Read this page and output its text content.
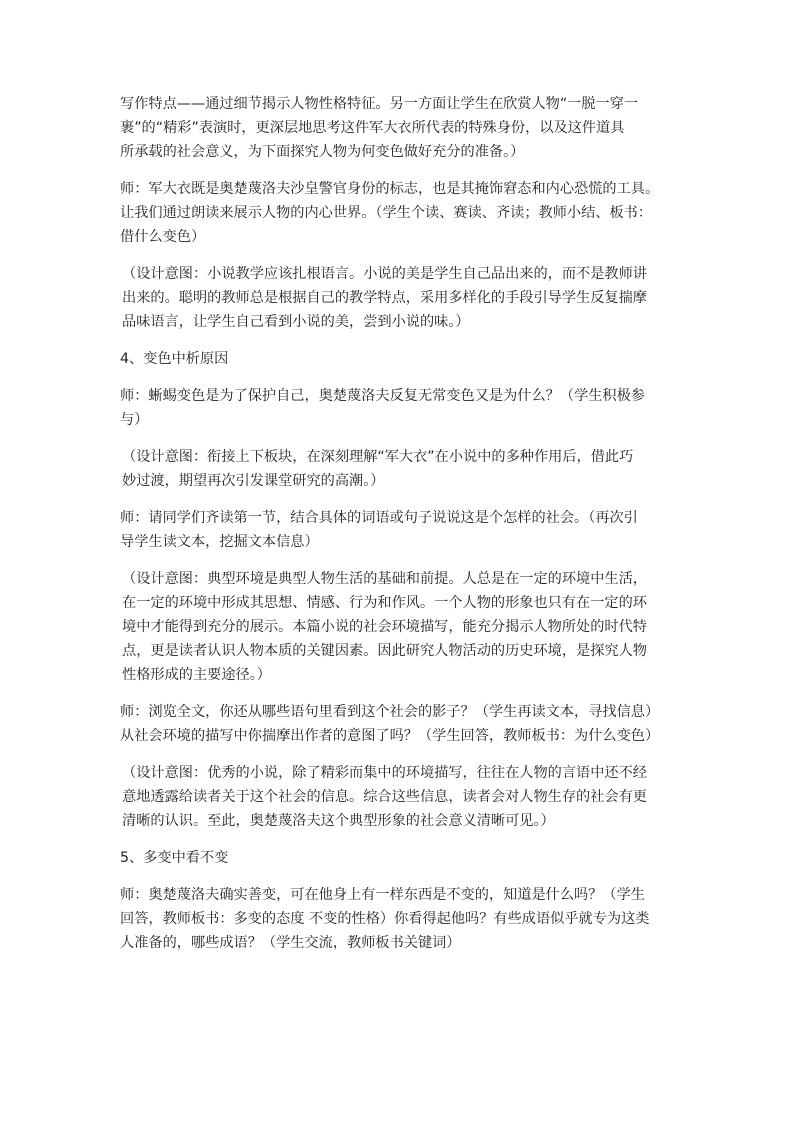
写作特点——通过细节揭示人物性格特征。另一方面让学生在欣赏人物“一脱一穿一
裹”的“精彩”表演时，更深层地思考这件军大衣所代表的特殊身份，以及这件道具
所承载的社会意义，为下面探究人物为何变色做好充分的准备。）

师：军大衣既是奥楚蔑洛夫沙皇警官身份的标志，也是其掩饰窘态和内心恐慌的工具。
让我们通过朗读来展示人物的内心世界。（学生个读、赛读、齐读；教师小结、板书：
借什么变色）

（设计意图：小说教学应该扎根语言。小说的美是学生自己品出来的，而不是教师讲
出来的。聪明的教师总是根据自己的教学特点，采用多样化的手段引导学生反复揣摩
品味语言，让学生自己看到小说的美，尝到小说的味。）

4、变色中析原因

师：蜥蜴变色是为了保护自己，奥楚蔑洛夫反复无常变色又是为什么？（学生积极参
与）

（设计意图：衔接上下板块，在深刻理解“军大衣”在小说中的多种作用后，借此巧
妙过渡，期望再次引发课堂研究的高潮。）

师：请同学们齐读第一节，结合具体的词语或句子说说这是个怎样的社会。（再次引
导学生读文本，挖掘文本信息）

（设计意图：典型环境是典型人物生活的基础和前提。人总是在一定的环境中生活，
在一定的环境中形成其思想、情感、行为和作风。一个人物的形象也只有在一定的环
境中才能得到充分的展示。本篇小说的社会环境描写，能充分揭示人物所处的时代特
点，更是读者认识人物本质的关键因素。因此研究人物活动的历史环境，是探究人物
性格形成的主要途径。）

师：浏览全文，你还从哪些语句里看到这个社会的影子？（学生再读文本，寻找信息）
从社会环境的描写中你揣摩出作者的意图了吗？（学生回答，教师板书：为什么变色）

（设计意图：优秀的小说，除了精彩而集中的环境描写，往往在人物的言语中还不经
意地透露给读者关于这个社会的信息。综合这些信息，读者会对人物生存的社会有更
清晰的认识。至此，奥楚蔑洛夫这个典型形象的社会意义清晰可见。）

5、多变中看不变

师：奥楚蔑洛夫确实善变，可在他身上有一样东西是不变的，知道是什么吗？（学生
回答，教师板书：多变的态度 不变的性格）你看得起他吗？有些成语似乎就专为这类
人准备的，哪些成语？（学生交流，教师板书关键词）
